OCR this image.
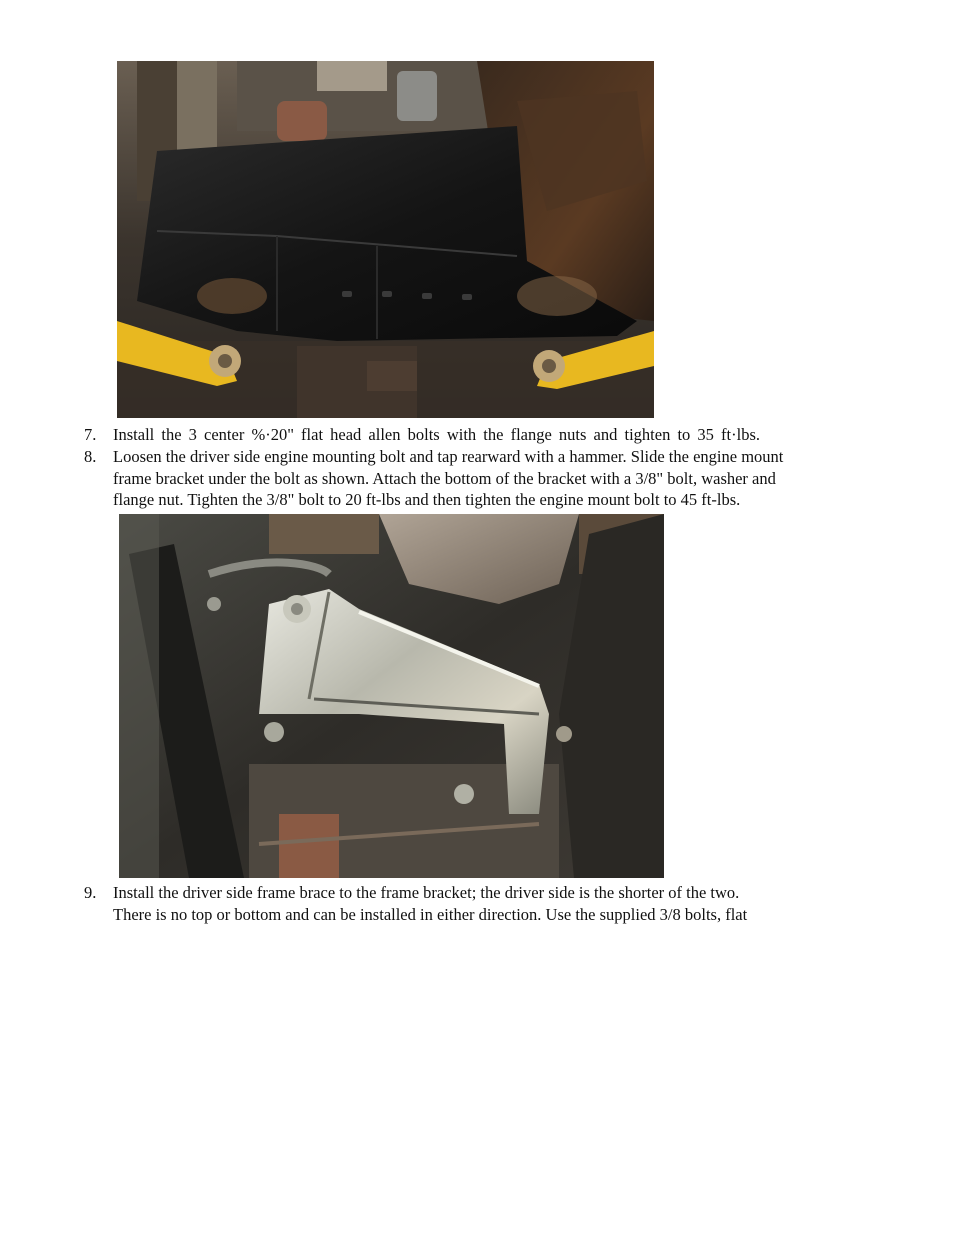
7.	Install the 3 center %·20" flat head allen bolts with the flange nuts and tighten to 35 ft·lbs.
8.	Loosen the driver side engine mounting bolt and tap rearward with a hammer. Slide the engine mount
frame bracket under the bolt as shown. Attach the bottom of the bracket with a 3/8" bolt, washer and
flange nut. Tighten the 3/8" bolt to 20 ft-lbs and then tighten the engine mount bolt to 45 ft-lbs.
9.	Install the driver side frame brace to the frame bracket; the driver side is the shorter of the two.
There is no top or bottom and can be installed in either direction. Use the supplied 3/8 bolts, flat
